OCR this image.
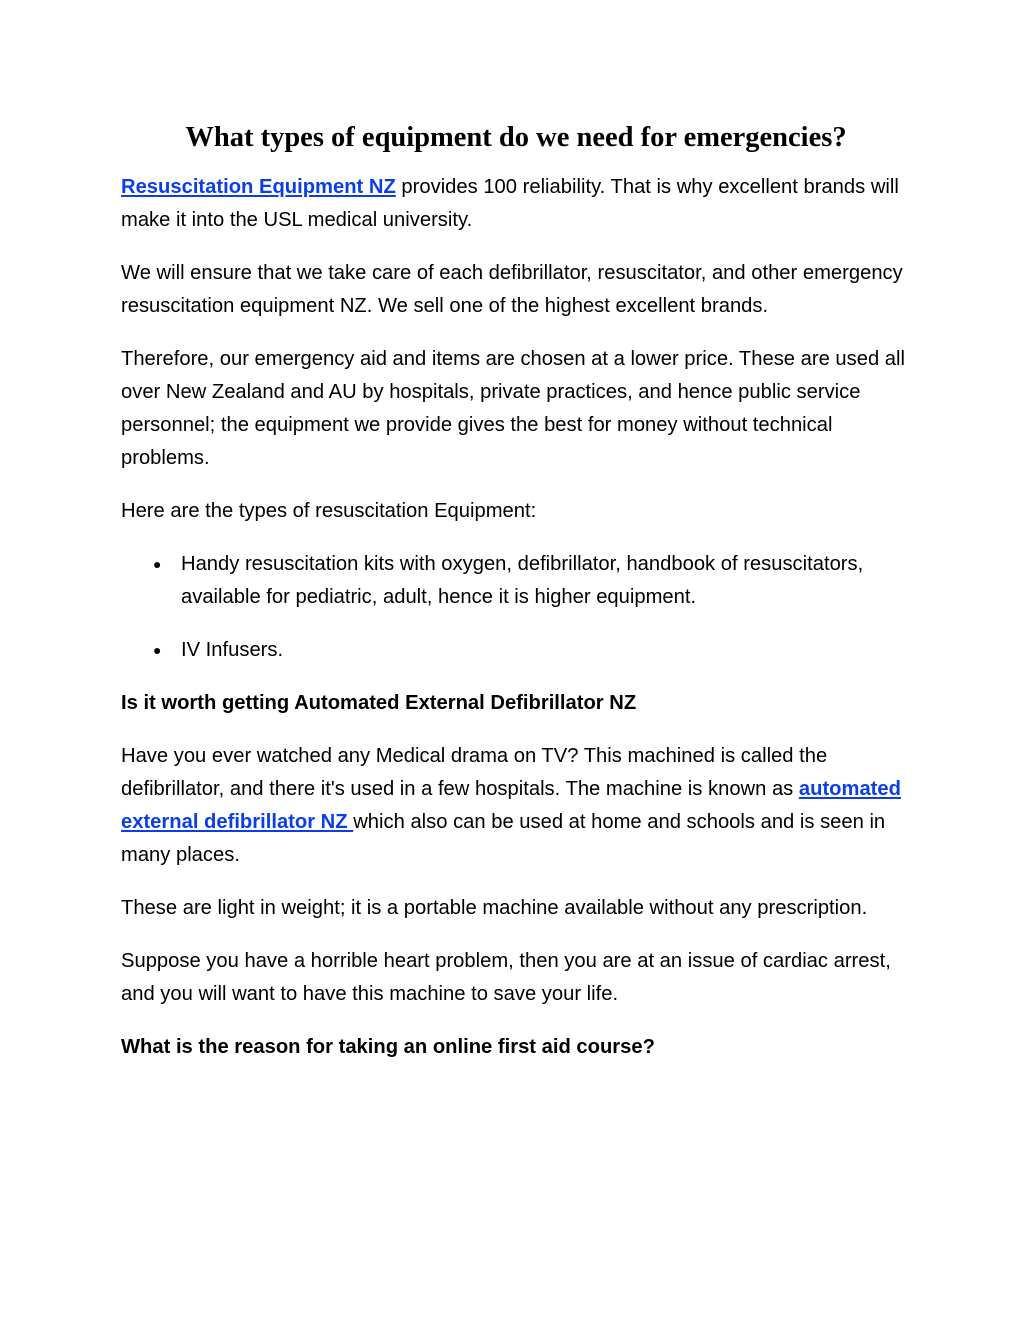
What types of equipment do we need for emergencies?

Resuscitation Equipment NZ provides 100 reliability. That is why excellent brands will make it into the USL medical university.

We will ensure that we take care of each defibrillator, resuscitator, and other emergency resuscitation equipment NZ. We sell one of the highest excellent brands.

Therefore, our emergency aid and items are chosen at a lower price. These are used all over New Zealand and AU by hospitals, private practices, and hence public service personnel; the equipment we provide gives the best for money without technical problems.

Here are the types of resuscitation Equipment:

● Handy resuscitation kits with oxygen, defibrillator, handbook of resuscitators, available for pediatric, adult, hence it is higher equipment.
● IV Infusers.

Is it worth getting Automated External Defibrillator NZ

Have you ever watched any Medical drama on TV? This machined is called the defibrillator, and there it's used in a few hospitals. The machine is known as automated external defibrillator NZ which also can be used at home and schools and is seen in many places.

These are light in weight; it is a portable machine available without any prescription.

Suppose you have a horrible heart problem, then you are at an issue of cardiac arrest, and you will want to have this machine to save your life.

What is the reason for taking an online first aid course?
